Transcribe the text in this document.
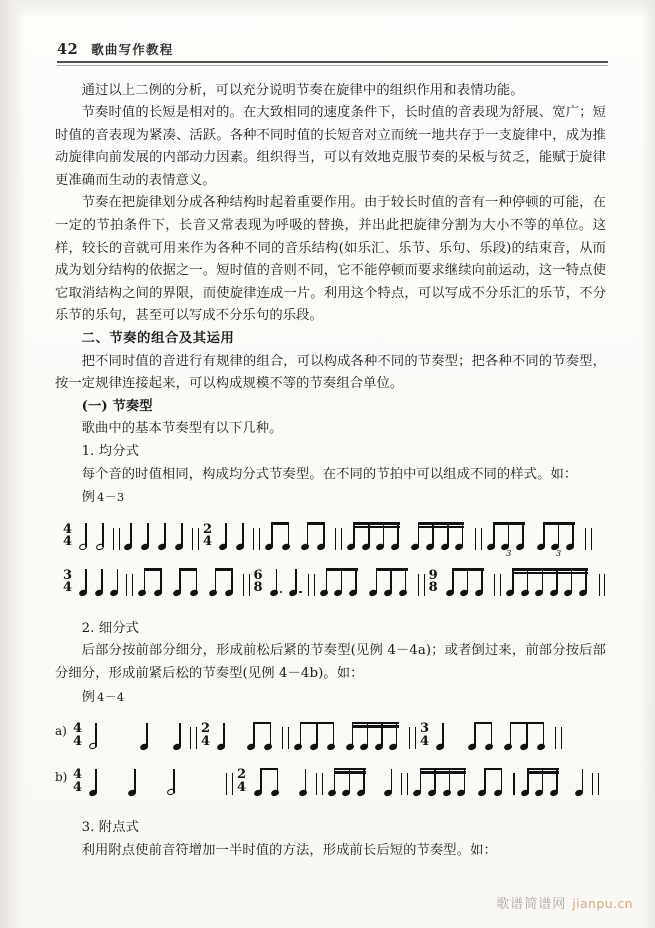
42 歌曲写作教程

通过以上二例的分析，可以充分说明节奏在旋律中的组织作用和表情功能。

节奏时值的长短是相对的。在大致相同的速度条件下，长时值的音表现为舒展、宽广；短时值的音表现为紧凑、活跃。各种不同时值的长短音对立而统一地共存于一支旋律中，成为推动旋律向前发展的内部动力因素。组织得当，可以有效地克服节奏的呆板与贫乏，能赋于旋律更准确而生动的表情意义。

节奏在把旋律划分成各种结构时起着重要作用。由于较长时值的音有一种停顿的可能，在一定的节拍条件下，长音又常表现为呼吸的替换，并出此把旋律分割为大小不等的单位。这样，较长的音就可用来作为各种不同的音乐结构(如乐汇、乐节、乐句、乐段)的结束音，从而成为划分结构的依据之一。短时值的音则不同，它不能停顿而要求继续向前运动，这一特点使它取消结构之间的界限，而使旋律连成一片。利用这个特点，可以写成不分乐汇的乐节，不分乐节的乐句，甚至可以写成不分乐句的乐段。

二、节奏的组合及其运用

把不同时值的音进行有规律的组合，可以构成各种不同的节奏型；把各种不同的节奏型，按一定规律连接起来，可以构成规模不等的节奏组合单位。

(一) 节奏型

歌曲中的基本节奏型有以下几种。

1. 均分式

每个音的时值相同，构成均分式节奏型。在不同的节拍中可以组成不同的样式。如：

例 4－3

4
4
2
4
3	3
3
4
6
8
9
8

2. 细分式

后部分按前部分细分，形成前松后紧的节奏型(见例 4－4a)；或者倒过来，前部分按后部分细分，形成前紧后松的节奏型(见例 4－4b)。如：

例 4－4

a) 4
4
2
4
3
4
b) 4
4
2
4

3. 附点式

利用附点使前音符增加一半时值的方法，形成前长后短的节奏型。如：

歌谱简谱网 jianpu.cn
